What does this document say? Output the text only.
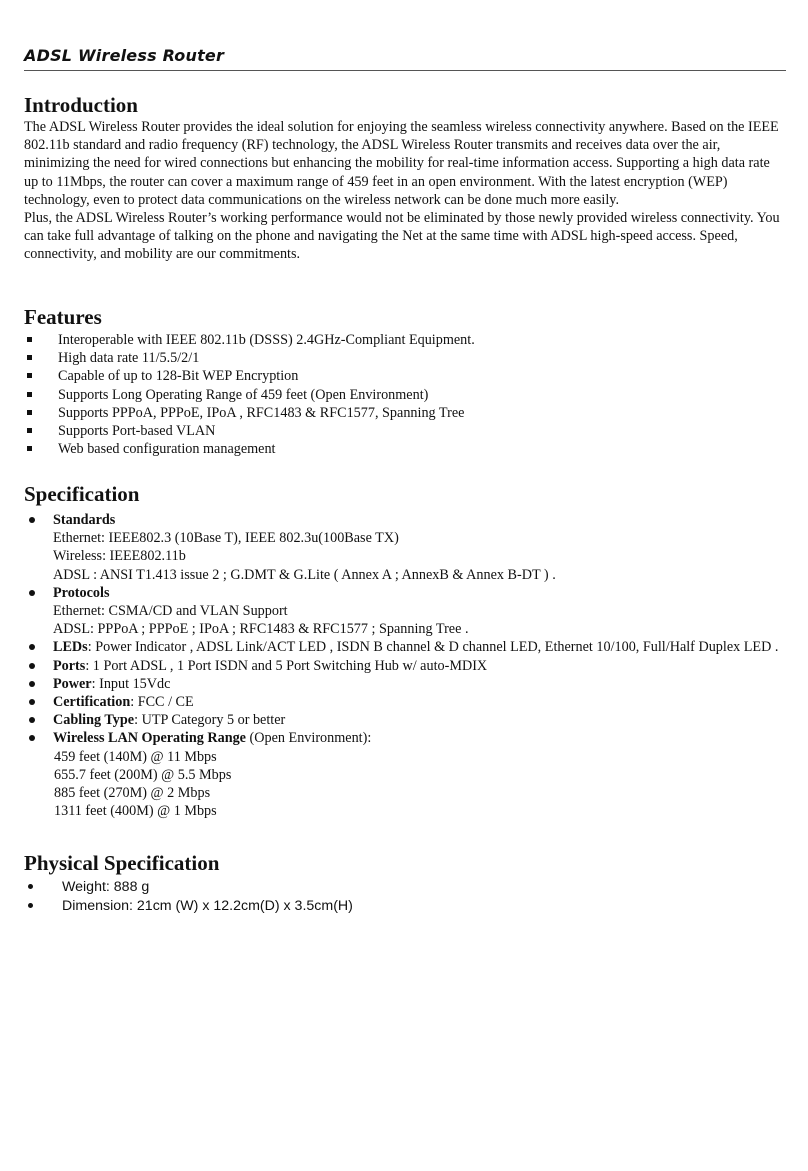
ADSL Wireless Router
Introduction

The ADSL Wireless Router provides the ideal solution for enjoying the seamless wireless connectivity anywhere. Based on the IEEE 802.11b standard and radio frequency (RF) technology, the ADSL Wireless Router transmits and receives data over the air, minimizing the need for wired connections but enhancing the mobility for real-time information access. Supporting a high data rate up to 11Mbps, the router can cover a maximum range of 459 feet in an open environment. With the latest encryption (WEP) technology, even to protect data communications on the wireless network can be done much more easily.

Plus, the ADSL Wireless Router’s working performance would not be eliminated by those newly provided wireless connectivity. You can take full advantage of talking on the phone and navigating the Net at the same time with ADSL high-speed access. Speed, connectivity, and mobility are our commitments.

Features
Interoperable with IEEE 802.11b (DSSS) 2.4GHz-Compliant Equipment.
High data rate 11/5.5/2/1
Capable of up to 128-Bit WEP Encryption
Supports Long Operating Range of 459 feet (Open Environment)
Supports PPPoA, PPPoE, IPoA , RFC1483 & RFC1577, Spanning Tree
Supports Port-based VLAN
Web based configuration management
Specification
Standards
Ethernet: IEEE802.3 (10Base T), IEEE 802.3u(100Base TX)
Wireless: IEEE802.11b
ADSL : ANSI T1.413 issue 2 ; G.DMT & G.Lite ( Annex A ; AnnexB & Annex B-DT ) .
Protocols
Ethernet: CSMA/CD and VLAN Support
ADSL: PPPoA ; PPPoE ; IPoA ; RFC1483 & RFC1577 ; Spanning Tree .
LEDs: Power Indicator , ADSL Link/ACT LED , ISDN B channel & D channel LED, Ethernet 10/100, Full/Half Duplex LED .
Ports: 1 Port ADSL , 1 Port ISDN and 5 Port Switching Hub w/ auto-MDIX
Power: Input 15Vdc
Certification: FCC / CE
Cabling Type: UTP Category 5 or better
Wireless LAN Operating Range (Open Environment):
459 feet (140M) @ 11 Mbps
655.7 feet (200M) @ 5.5 Mbps
885 feet (270M) @ 2 Mbps
1311 feet (400M) @ 1 Mbps
Physical Specification
Weight: 888 g
Dimension: 21cm (W) x 12.2cm(D) x 3.5cm(H)
